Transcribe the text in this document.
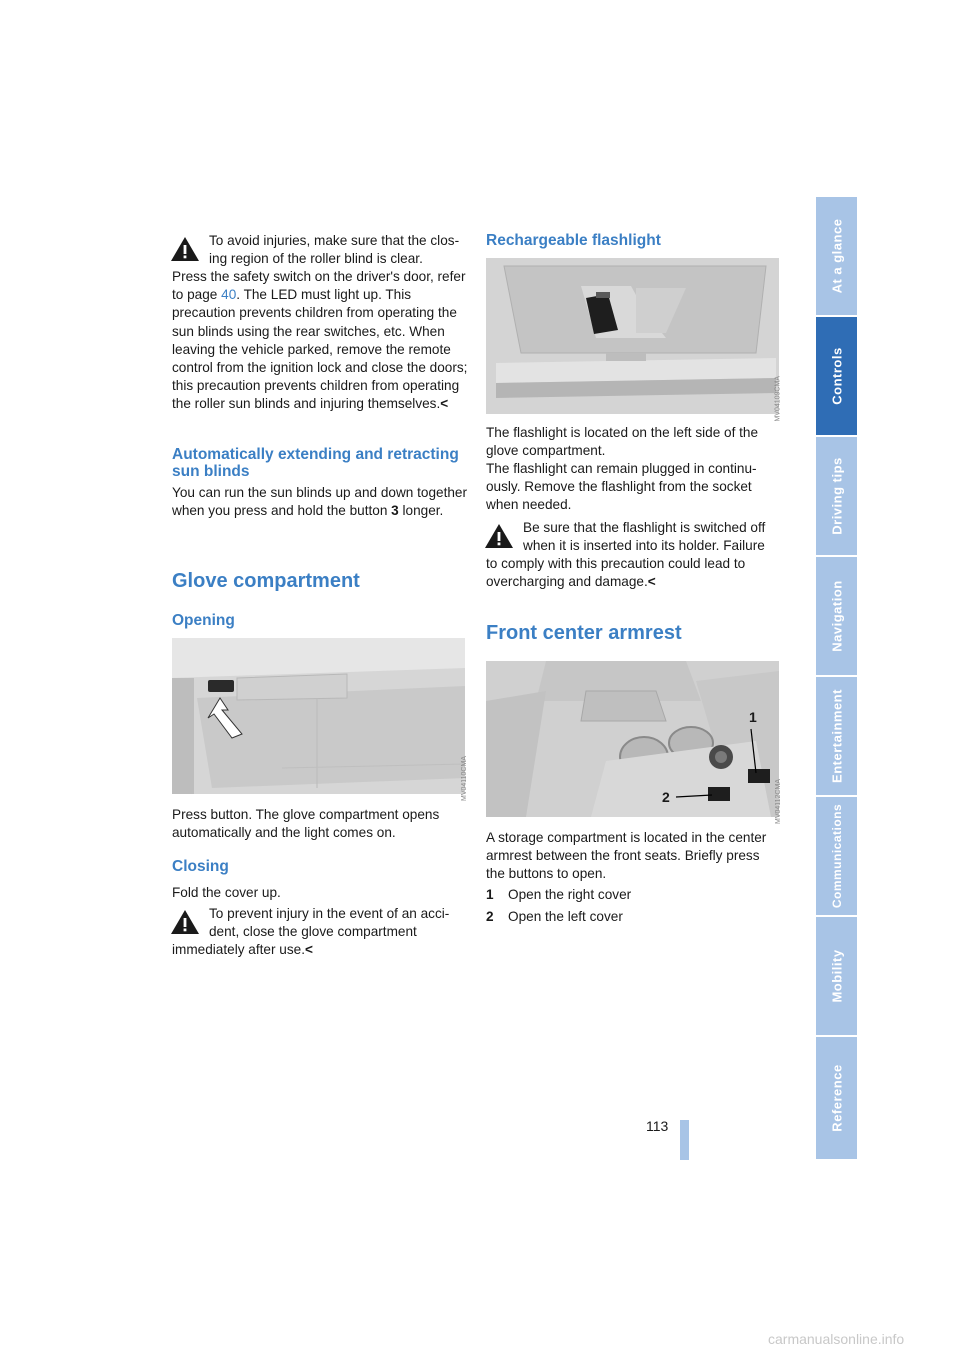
To avoid injuries, make sure that the clos-
ing region of the roller blind is clear.
Press the safety switch on the driver's door, refer to page 40. The LED must light up. This precaution prevents children from operating the sun blinds using the rear switches, etc. When leaving the vehicle parked, remove the remote control from the ignition lock and close the doors; this precaution prevents children from operating the roller sun blinds and injuring themselves.<
Automatically extending and retracting sun blinds
You can run the sun blinds up and down together when you press and hold the button 3 longer.
Glove compartment
Opening
MV04110CMA
Press button. The glove compartment opens automatically and the light comes on.
Closing
Fold the cover up.
To prevent injury in the event of an acci-
dent, close the glove compartment
immediately after use.<
Rechargeable flashlight
MV04109CMA
The flashlight is located on the left side of the glove compartment.
The flashlight can remain plugged in continu- ously. Remove the flashlight from the socket when needed.
Be sure that the flashlight is switched off
when it is inserted into its holder. Failure
to comply with this precaution could lead to overcharging and damage.<
Front center armrest
1
2	MV04112CMA
A storage compartment is located in the center armrest between the front seats. Briefly press the buttons to open.
1	Open the right cover
2	Open the left cover
113
At a glance
Controls
Driving tips
Navigation
Entertainment
Communications
Mobility
Reference
carmanualsonline.info
